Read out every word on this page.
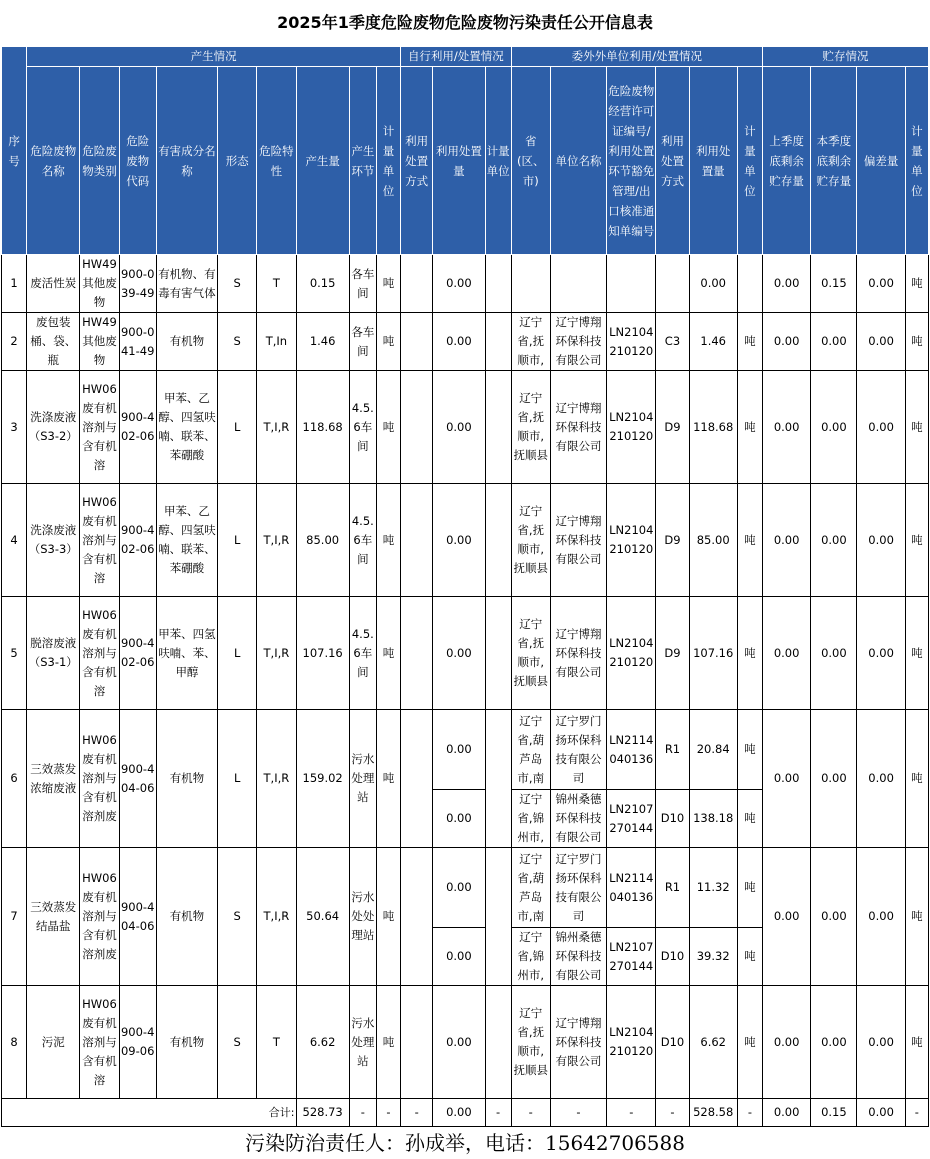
2025年1季度危险废物危险废物污染责任公开信息表
序号	产生情况									自行利用/处置情况			委外外单位利用/处置情况						贮存情况			
	危险废物名称	危险废物类别	危险废物代码	有害成分名称	形态	危险特性	产生量	产生环节	计量单位	利用处置方式	利用处置量	计量单位	省(区、市)	单位名称	危险废物经营许可证编号/利用处置环节豁免管理/出口核准通知单编号	利用处置方式	利用处置量	计量单位	上季度底剩余贮存量	本季度底剩余贮存量	偏差量	计量单位
1	废活性炭	HW49其他废物	900-039-49	有机物、有毒有害气体	S	T	0.15	各车间	吨		0.00						0.00		0.00	0.15	0.00	吨
2	废包装桶、袋、瓶	HW49其他废物	900-041-49	有机物	S	T,In	1.46	各车间	吨		0.00		辽宁省,抚顺市,	辽宁博翔环保科技有限公司	LN2104210120	C3	1.46	吨	0.00	0.00	0.00	吨
3	洗涤废液（S3-2）	HW06废有机溶剂与含有机溶	900-402-06	甲苯、乙醇、四氢呋喃、联苯、苯硼酸	L	T,I,R	118.68	4.5.6车间	吨		0.00		辽宁省,抚顺市,抚顺县	辽宁博翔环保科技有限公司	LN2104210120	D9	118.68	吨	0.00	0.00	0.00	吨
4	洗涤废液（S3-3）	HW06废有机溶剂与含有机溶	900-402-06	甲苯、乙醇、四氢呋喃、联苯、苯硼酸	L	T,I,R	85.00	4.5.6车间	吨		0.00		辽宁省,抚顺市,抚顺县	辽宁博翔环保科技有限公司	LN2104210120	D9	85.00	吨	0.00	0.00	0.00	吨
5	脱溶废液（S3-1）	HW06废有机溶剂与含有机溶	900-402-06	甲苯、四氢呋喃、苯、甲醇	L	T,I,R	107.16	4.5.6车间	吨		0.00		辽宁省,抚顺市,抚顺县	辽宁博翔环保科技有限公司	LN2104210120	D9	107.16	吨	0.00	0.00	0.00	吨
6	三效蒸发浓缩废液	HW06废有机溶剂与含有机溶剂废	900-404-06	有机物	L	T,I,R	159.02	污水处理站	吨		0.00		辽宁省,葫芦岛市,南	辽宁罗门扬环保科技有限公司	LN2114040136	R1	20.84	吨	0.00	0.00	0.00	吨
											0.00		辽宁省,锦州市,	锦州桑德环保科技有限公司	LN2107270144	D10	138.18	吨				
7	三效蒸发结晶盐	HW06废有机溶剂与含有机溶剂废	900-404-06	有机物	S	T,I,R	50.64	污水处处理站	吨		0.00		辽宁省,葫芦岛市,南	辽宁罗门扬环保科技有限公司	LN2114040136	R1	11.32	吨	0.00	0.00	0.00	吨
											0.00		辽宁省,锦州市,	锦州桑德环保科技有限公司	LN2107270144	D10	39.32	吨				
8	污泥	HW06废有机溶剂与含有机溶	900-409-06	有机物	S	T	6.62	污水处理站	吨		0.00		辽宁省,抚顺市,抚顺县	辽宁博翔环保科技有限公司	LN2104210120	D10	6.62	吨	0.00	0.00	0.00	吨
合计:							528.73	-	-	-	0.00	-	-	-	-	-	528.58	-	0.00	0.15	0.00	-
污染防治责任人：孙成举，电话：15642706588
